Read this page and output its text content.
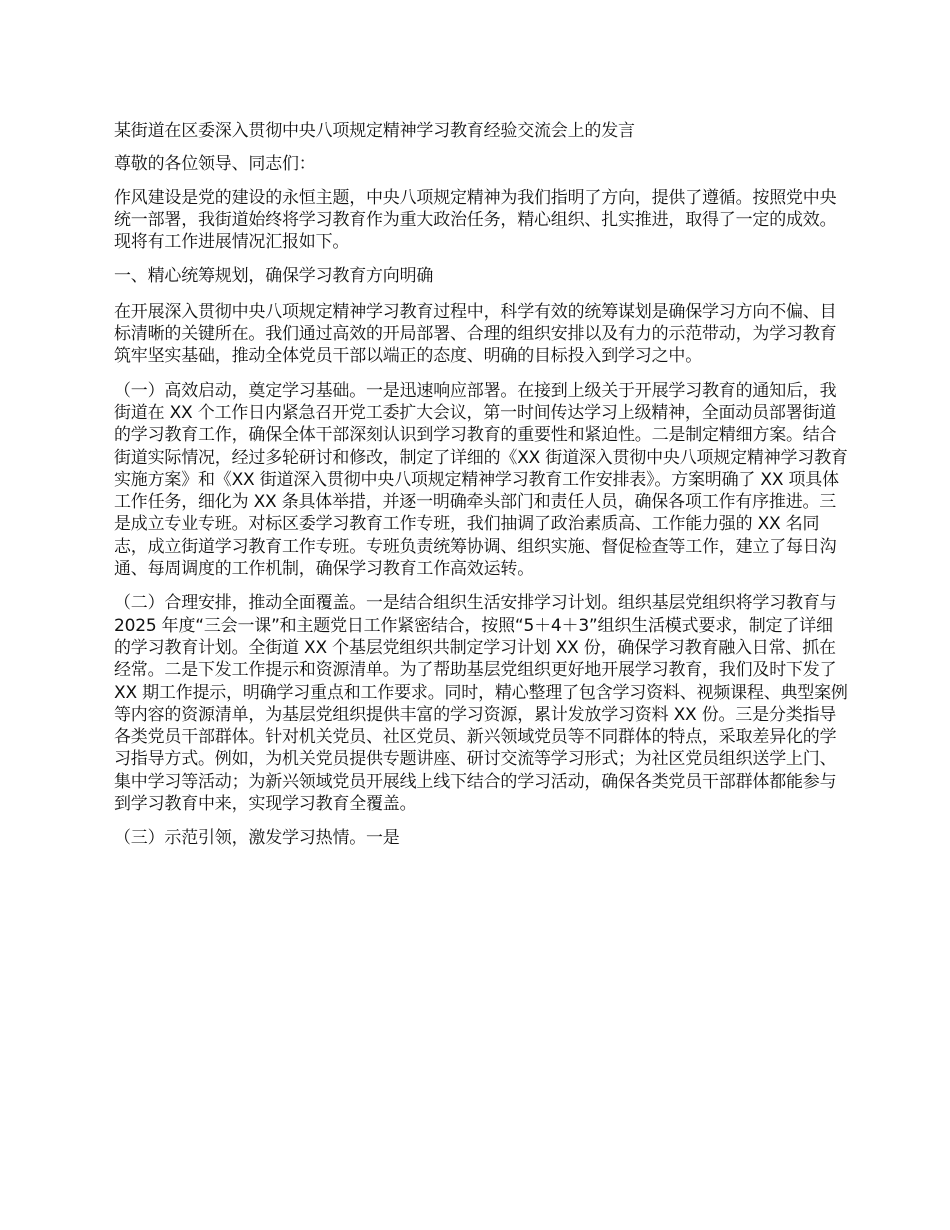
某街道在区委深入贯彻中央八项规定精神学习教育经验交流会上的发言

尊敬的各位领导、同志们：

作风建设是党的建设的永恒主题，中央八项规定精神为我们指明了方向，提供了遵循。按照党中央统一部署，我街道始终将学习教育作为重大政治任务，精心组织、扎实推进，取得了一定的成效。现将有工作进展情况汇报如下。

一、精心统筹规划，确保学习教育方向明确

在开展深入贯彻中央八项规定精神学习教育过程中，科学有效的统筹谋划是确保学习方向不偏、目标清晰的关键所在。我们通过高效的开局部署、合理的组织安排以及有力的示范带动，为学习教育筑牢坚实基础，推动全体党员干部以端正的态度、明确的目标投入到学习之中。

（一）高效启动，奠定学习基础。一是迅速响应部署。在接到上级关于开展学习教育的通知后，我街道在 XX 个工作日内紧急召开党工委扩大会议，第一时间传达学习上级精神，全面动员部署街道的学习教育工作，确保全体干部深刻认识到学习教育的重要性和紧迫性。二是制定精细方案。结合街道实际情况，经过多轮研讨和修改，制定了详细的《XX 街道深入贯彻中央八项规定精神学习教育实施方案》和《XX 街道深入贯彻中央八项规定精神学习教育工作安排表》。方案明确了 XX 项具体工作任务，细化为 XX 条具体举措，并逐一明确牵头部门和责任人员，确保各项工作有序推进。三是成立专业专班。对标区委学习教育工作专班，我们抽调了政治素质高、工作能力强的 XX 名同志，成立街道学习教育工作专班。专班负责统筹协调、组织实施、督促检查等工作，建立了每日沟通、每周调度的工作机制，确保学习教育工作高效运转。

（二）合理安排，推动全面覆盖。一是结合组织生活安排学习计划。组织基层党组织将学习教育与 2025 年度“三会一课”和主题党日工作紧密结合，按照“5＋4＋3”组织生活模式要求，制定了详细的学习教育计划。全街道 XX 个基层党组织共制定学习计划 XX 份，确保学习教育融入日常、抓在经常。二是下发工作提示和资源清单。为了帮助基层党组织更好地开展学习教育，我们及时下发了 XX 期工作提示，明确学习重点和工作要求。同时，精心整理了包含学习资料、视频课程、典型案例等内容的资源清单，为基层党组织提供丰富的学习资源，累计发放学习资料 XX 份。三是分类指导各类党员干部群体。针对机关党员、社区党员、新兴领域党员等不同群体的特点，采取差异化的学习指导方式。例如，为机关党员提供专题讲座、研讨交流等学习形式；为社区党员组织送学上门、集中学习等活动；为新兴领域党员开展线上线下结合的学习活动，确保各类党员干部群体都能参与到学习教育中来，实现学习教育全覆盖。

（三）示范引领，激发学习热情。一是
